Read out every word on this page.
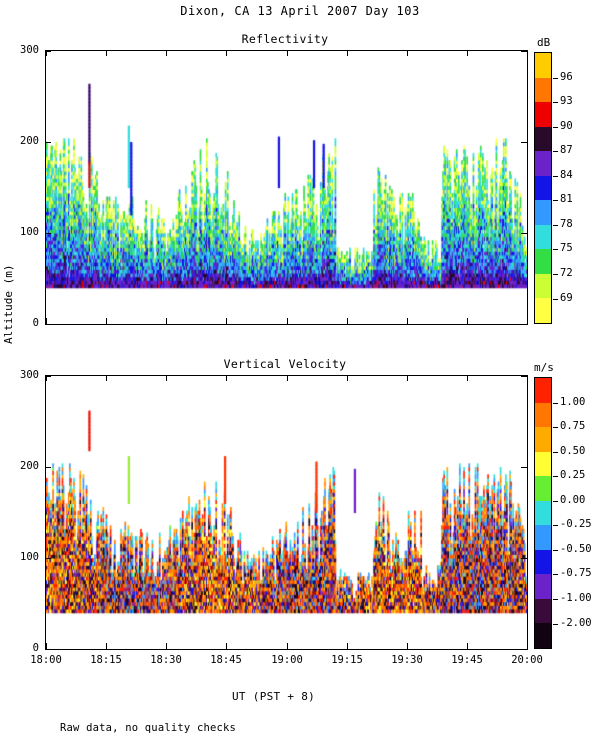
Dixon, CA 13 April 2007 Day 103
Altitude (m)
Reflectivity
Vertical Velocity
0
100
200
300
0
100
200
300
18:00	18:15	18:30	18:45	19:00	19:15	19:30	19:45	20:00
dB
96
93
90
87
84
81
78
75
72
69
m/s
1.00
0.75
0.50
0.25
0.00
-0.25
-0.50
-0.75
-1.00
-2.00
UT (PST + 8)
Raw data, no quality checks
